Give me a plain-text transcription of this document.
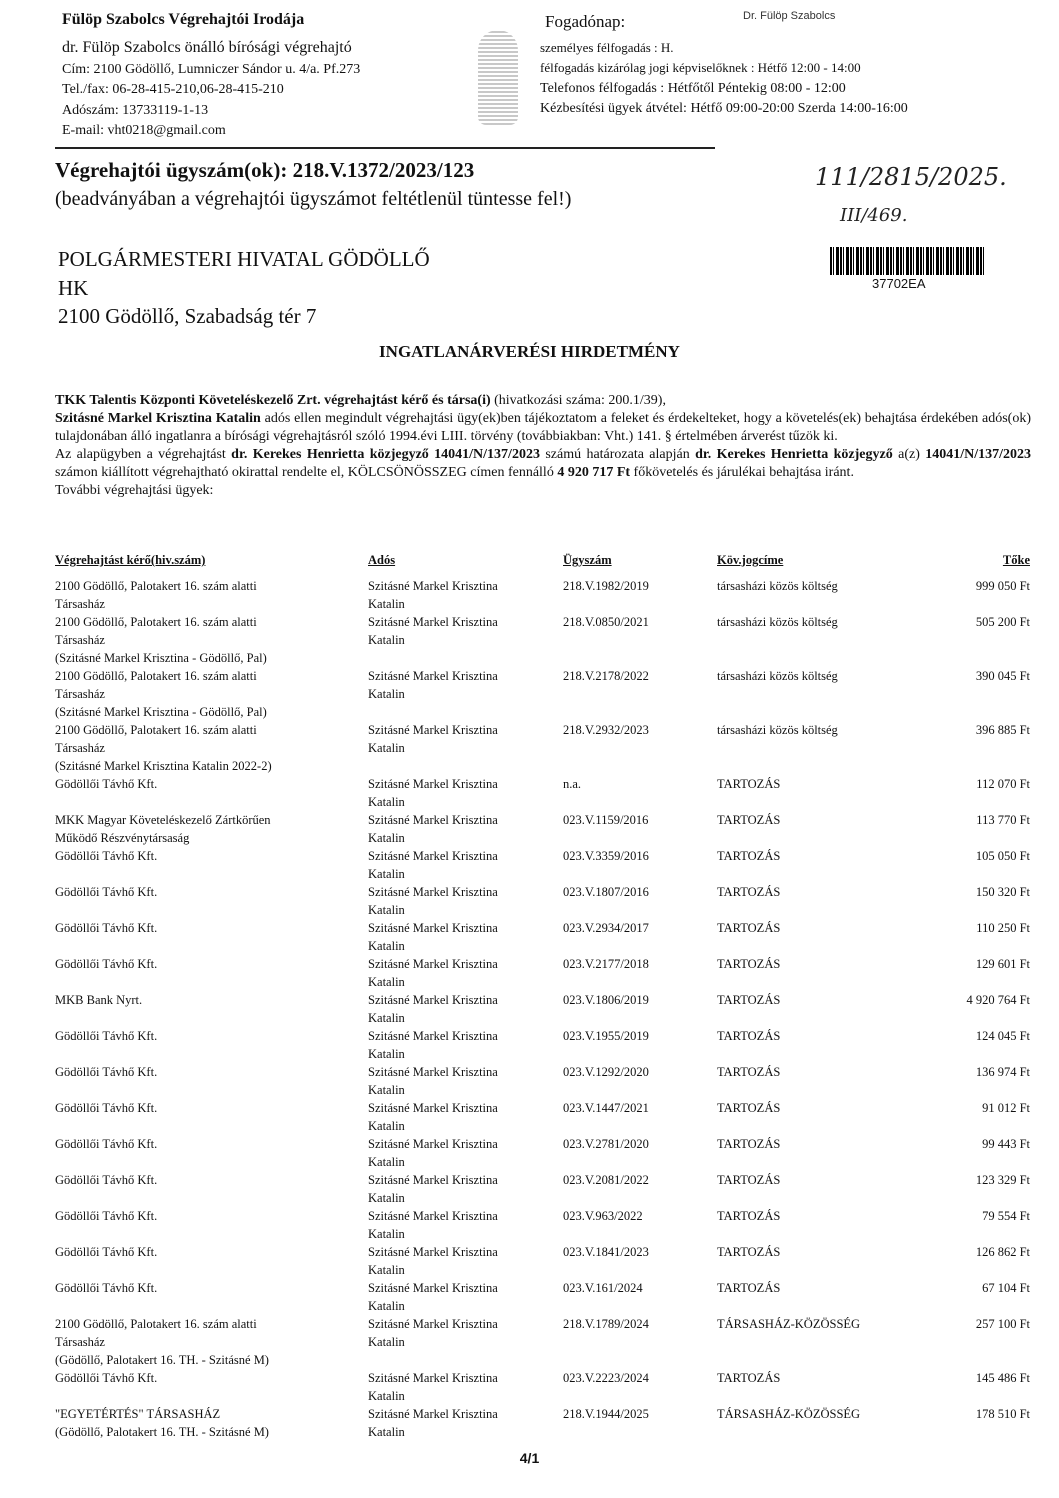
Fülöp Szabolcs Végrehajtói Irodája
dr. Fülöp Szabolcs önálló bírósági végrehajtó
Cím: 2100 Gödöllő, Lumniczer Sándor u. 4/a. Pf.273
Tel./fax: 06-28-415-210,06-28-415-210
Adószám: 13733119-1-13
E-mail: vht0218@gmail.com
Fogadónap:
személyes félfogadás : H.
félfogadás kizárólag jogi képviselőknek : Hétfő 12:00 - 14:00
Telefonos félfogadás : Hétfőtől Péntekig 08:00 - 12:00
Kézbesítési ügyek átvétel: Hétfő 09:00-20:00 Szerda 14:00-16:00
Dr. Fülöp Szabolcs
Végrehajtói ügyszám(ok): 218.V.1372/2023/123
(beadványában a végrehajtói ügyszámot feltétlenül tüntesse fel!)
111/2815/2025.
III/469.
37702EA
POLGÁRMESTERI HIVATAL GÖDÖLLŐ
HK
2100 Gödöllő, Szabadság tér 7
INGATLANÁRVERÉSI HIRDETMÉNY
TKK Talentis Központi Követeléskezelő Zrt. végrehajtást kérő és társa(i) (hivatkozási száma: 200.1/39),
Szitásné Markel Krisztina Katalin adós ellen megindult végrehajtási ügy(ek)ben tájékoztatom a feleket és érdekelteket, hogy a követelés(ek) behajtása érdekében adós(ok) tulajdonában álló ingatlanra a bírósági végrehajtásról szóló 1994.évi LIII. törvény (továbbiakban: Vht.) 141. § értelmében árverést tűzök ki.
Az alapügyben a végrehajtást dr. Kerekes Henrietta közjegyző 14041/N/137/2023 számú határozata alapján dr. Kerekes Henrietta közjegyző a(z) 14041/N/137/2023 számon kiállított végrehajtható okirattal rendelte el, KÖLCSÖNÖSSZEG címen fennálló 4 920 717 Ft főkövetelés és járulékai behajtása iránt.
További végrehajtási ügyek:
Végrehajtást kérő(hiv.szám)	Adós	Ügyszám	Köv.jogcíme	Tőke
2100 Gödöllő, Palotakert 16. szám alatti
Társasház
Szitásné Markel Krisztina
Katalin
218.V.1982/2019	társasházi közös költség	999 050 Ft
2100 Gödöllő, Palotakert 16. szám alatti
Társasház
(Szitásné Markel Krisztina - Gödöllő, Pal)
Szitásné Markel Krisztina
Katalin
218.V.0850/2021	társasházi közös költség	505 200 Ft
2100 Gödöllő, Palotakert 16. szám alatti
Társasház
(Szitásné Markel Krisztina - Gödöllő, Pal)
Szitásné Markel Krisztina
Katalin
218.V.2178/2022	társasházi közös költség	390 045 Ft
2100 Gödöllő, Palotakert 16. szám alatti
Társasház
(Szitásné Markel Krisztina Katalin 2022-2)
Szitásné Markel Krisztina
Katalin
218.V.2932/2023	társasházi közös költség	396 885 Ft
Gödöllői Távhő Kft.	Szitásné Markel Krisztina
Katalin
n.a.	TARTOZÁS	112 070 Ft
MKK Magyar Követeléskezelő Zártkörűen
Működő Részvénytársaság
Szitásné Markel Krisztina
Katalin
023.V.1159/2016	TARTOZÁS	113 770 Ft
Gödöllői Távhő Kft.	Szitásné Markel Krisztina
Katalin
023.V.3359/2016	TARTOZÁS	105 050 Ft
Gödöllői Távhő Kft.	Szitásné Markel Krisztina
Katalin
023.V.1807/2016	TARTOZÁS	150 320 Ft
Gödöllői Távhő Kft.	Szitásné Markel Krisztina
Katalin
023.V.2934/2017	TARTOZÁS	110 250 Ft
Gödöllői Távhő Kft.	Szitásné Markel Krisztina
Katalin
023.V.2177/2018	TARTOZÁS	129 601 Ft
MKB Bank Nyrt.	Szitásné Markel Krisztina
Katalin
023.V.1806/2019	TARTOZÁS	4 920 764 Ft
Gödöllői Távhő Kft.	Szitásné Markel Krisztina
Katalin
023.V.1955/2019	TARTOZÁS	124 045 Ft
Gödöllői Távhő Kft.	Szitásné Markel Krisztina
Katalin
023.V.1292/2020	TARTOZÁS	136 974 Ft
Gödöllői Távhő Kft.	Szitásné Markel Krisztina
Katalin
023.V.1447/2021	TARTOZÁS	91 012 Ft
Gödöllői Távhő Kft.	Szitásné Markel Krisztina
Katalin
023.V.2781/2020	TARTOZÁS	99 443 Ft
Gödöllői Távhő Kft.	Szitásné Markel Krisztina
Katalin
023.V.2081/2022	TARTOZÁS	123 329 Ft
Gödöllői Távhő Kft.	Szitásné Markel Krisztina
Katalin
023.V.963/2022	TARTOZÁS	79 554 Ft
Gödöllői Távhő Kft.	Szitásné Markel Krisztina
Katalin
023.V.1841/2023	TARTOZÁS	126 862 Ft
Gödöllői Távhő Kft.	Szitásné Markel Krisztina
Katalin
023.V.161/2024	TARTOZÁS	67 104 Ft
2100 Gödöllő, Palotakert 16. szám alatti
Társasház
(Gödöllő, Palotakert 16. TH. - Szitásné M)
Szitásné Markel Krisztina
Katalin
218.V.1789/2024	TÁRSASHÁZ-KÖZÖSSÉG	257 100 Ft
Gödöllői Távhő Kft.	Szitásné Markel Krisztina
Katalin
023.V.2223/2024	TARTOZÁS	145 486 Ft
"EGYETÉRTÉS" TÁRSASHÁZ
(Gödöllő, Palotakert 16. TH. - Szitásné M)
Szitásné Markel Krisztina
Katalin
218.V.1944/2025	TÁRSASHÁZ-KÖZÖSSÉG	178 510 Ft
4/1
